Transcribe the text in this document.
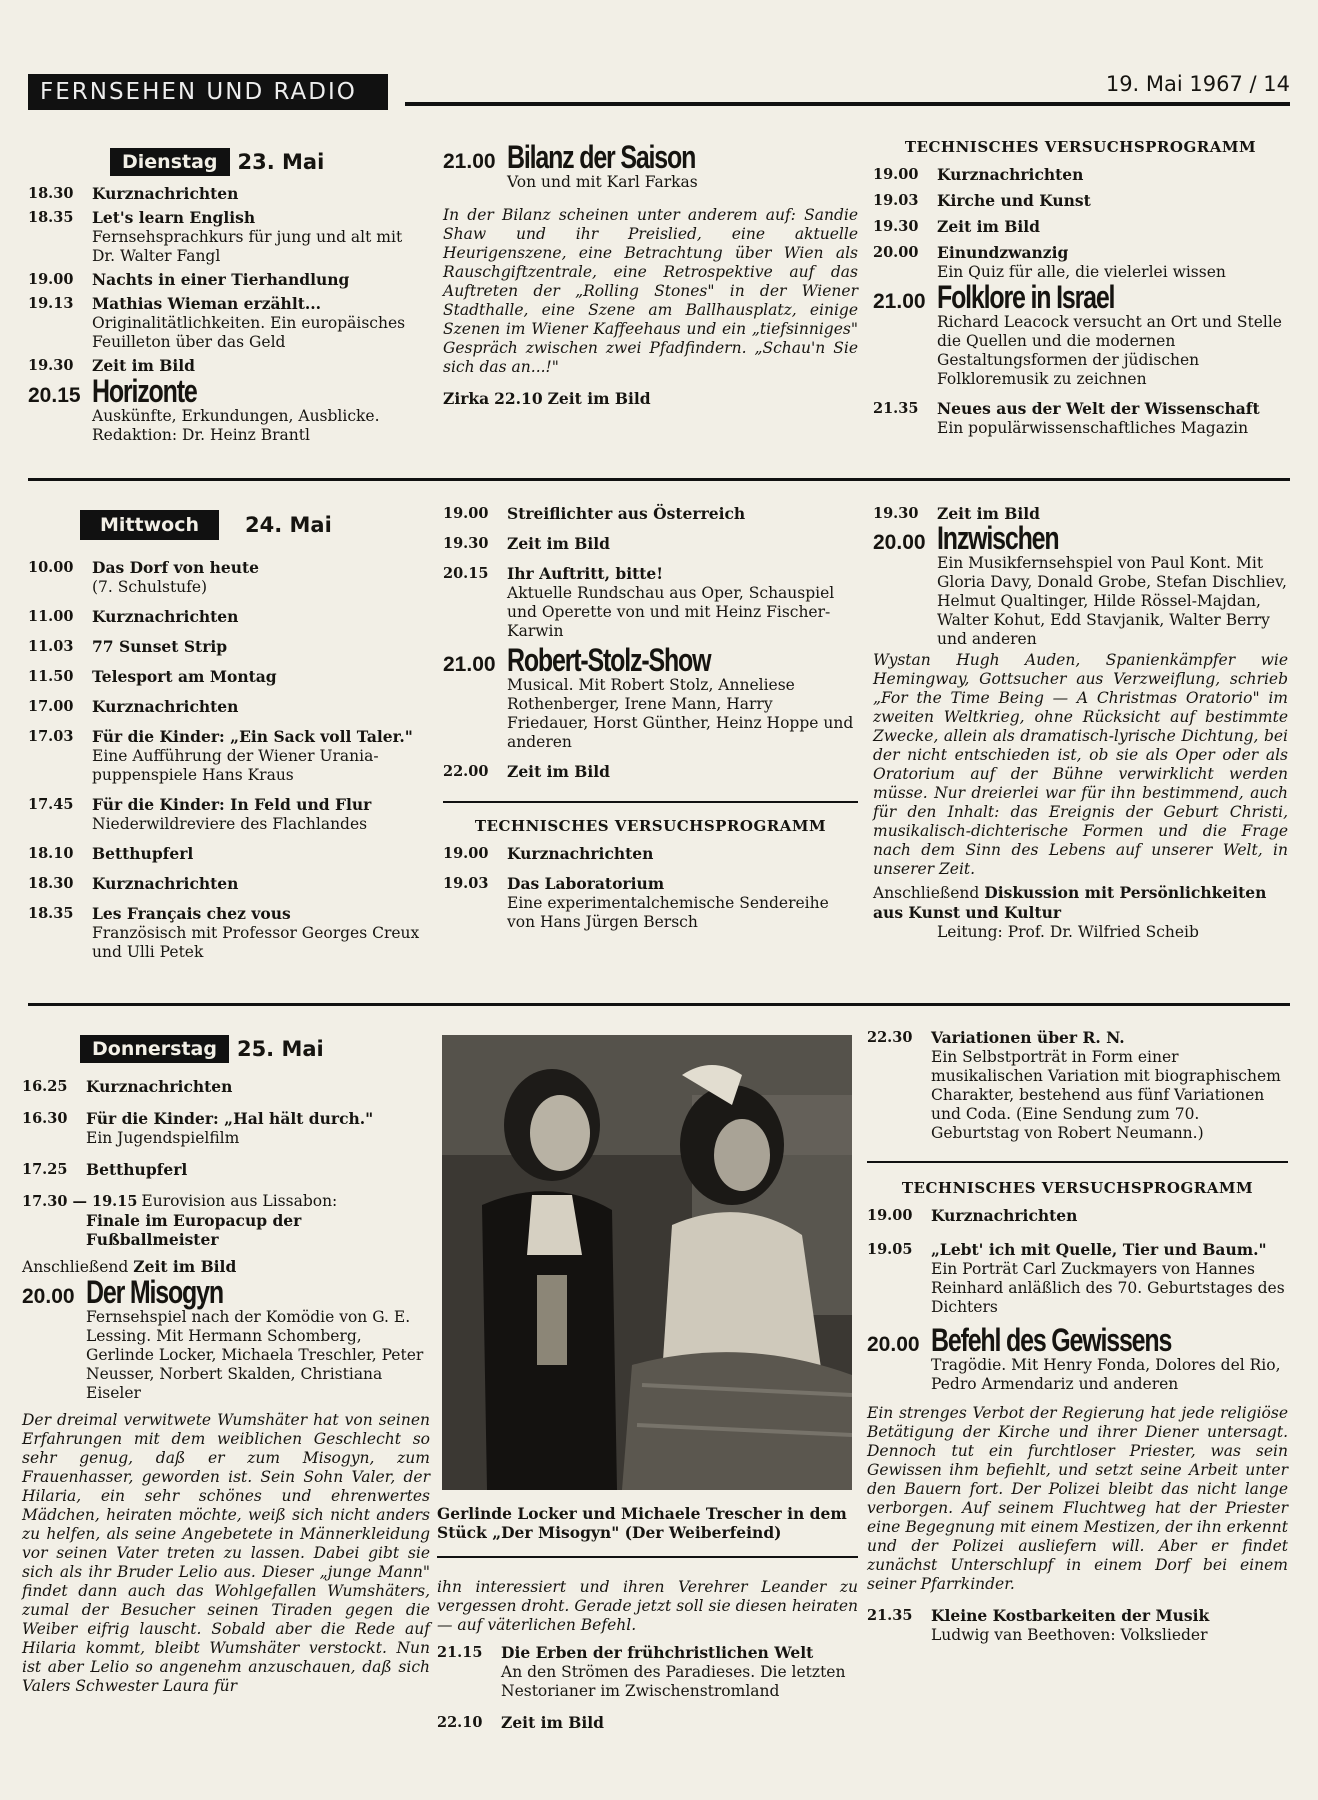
FERNSEHEN UND RADIO	19. Mai 1967 / 14
Dienstag 23. Mai
18.30	Kurznachrichten
18.35	Let's learn English
Fernsehsprachkurs für jung und alt mit Dr. Walter Fangl
19.00	Nachts in einer Tierhandlung
19.13	Mathias Wieman erzählt...
Originalitätlichkeiten. Ein europäisches Feuilleton über das Geld
19.30	Zeit im Bild
20.15 Horizonte
Auskünfte, Erkundungen, Ausblicke. Redaktion: Dr. Heinz Brantl
21.00 Bilanz der Saison
Von und mit Karl Farkas
In der Bilanz scheinen unter anderem auf: Sandie Shaw und ihr Preislied, eine aktuelle Heurigenszene, eine Betrachtung über Wien als Rauschgiftzentrale, eine Retrospektive auf das Auftreten der „Rolling Stones" in der Wiener Stadthalle, eine Szene am Ballhausplatz, einige Szenen im Wiener Kaffeehaus und ein „tiefsinniges" Gespräch zwischen zwei Pfadfindern. „Schau'n Sie sich das an...!"
Zirka 22.10 Zeit im Bild
TECHNISCHES VERSUCHSPROGRAMM
19.00	Kurznachrichten
19.03	Kirche und Kunst
19.30	Zeit im Bild
20.00	Einundzwanzig
Ein Quiz für alle, die vielerlei wissen
21.00 Folklore in Israel
Richard Leacock versucht an Ort und Stelle die Quellen und die modernen Gestaltungsformen der jüdischen Folkloremusik zu zeichnen
21.35	Neues aus der Welt der Wissenschaft
Ein populärwissenschaftliches Magazin
Mittwoch	24. Mai
10.00	Das Dorf von heute
(7. Schulstufe)
11.00	Kurznachrichten
11.03	77 Sunset Strip
11.50	Telesport am Montag
17.00	Kurznachrichten
17.03	Für die Kinder: „Ein Sack voll Taler."
Eine Aufführung der Wiener Urania-puppenspiele Hans Kraus
17.45	Für die Kinder: In Feld und Flur
Niederwildreviere des Flachlandes
18.10	Betthupferl
18.30	Kurznachrichten
18.35	Les Français chez vous
Französisch mit Professor Georges Creux und Ulli Petek
19.00	Streiflichter aus Österreich
19.30	Zeit im Bild
20.15	Ihr Auftritt, bitte!
Aktuelle Rundschau aus Oper, Schauspiel und Operette von und mit Heinz Fischer-Karwin
21.00 Robert-Stolz-Show
Musical. Mit Robert Stolz, Anneliese Rothenberger, Irene Mann, Harry Friedauer, Horst Günther, Heinz Hoppe und anderen
22.00	Zeit im Bild
TECHNISCHES VERSUCHSPROGRAMM
19.00	Kurznachrichten
19.03	Das Laboratorium
Eine experimentalchemische Sendereihe von Hans Jürgen Bersch
19.30	Zeit im Bild
20.00 Inzwischen
Ein Musikfernsehspiel von Paul Kont. Mit Gloria Davy, Donald Grobe, Stefan Dischliev, Helmut Qualtinger, Hilde Rössel-Majdan, Walter Kohut, Edd Stavjanik, Walter Berry und anderen
Wystan Hugh Auden, Spanienkämpfer wie Hemingway, Gottsucher aus Verzweiflung, schrieb „For the Time Being — A Christmas Oratorio" im zweiten Weltkrieg, ohne Rücksicht auf bestimmte Zwecke, allein als dramatisch-lyrische Dichtung, bei der nicht entschieden ist, ob sie als Oper oder als Oratorium auf der Bühne verwirklicht werden müsse. Nur dreierlei war für ihn bestimmend, auch für den Inhalt: das Ereignis der Geburt Christi, musikalisch-dichterische Formen und die Frage nach dem Sinn des Lebens auf unserer Welt, in unserer Zeit.
Anschließend Diskussion mit Persönlichkeiten aus Kunst und Kultur
Leitung: Prof. Dr. Wilfried Scheib
Donnerstag 25. Mai
16.25	Kurznachrichten
16.30	Für die Kinder: „Hal hält durch."
Ein Jugendspielfilm
17.25	Betthupferl
17.30 — 19.15 Eurovision aus Lissabon:
Finale im Europacup der Fußballmeister
Anschließend Zeit im Bild
20.00 Der Misogyn
Fernsehspiel nach der Komödie von G. E. Lessing. Mit Hermann Schomberg, Gerlinde Locker, Michaela Treschler, Peter Neusser, Norbert Skalden, Christiana Eiseler
Der dreimal verwitwete Wumshäter hat von seinen Erfahrungen mit dem weiblichen Geschlecht so sehr genug, daß er zum Misogyn, zum Frauenhasser, geworden ist. Sein Sohn Valer, der Hilaria, ein sehr schönes und ehrenwertes Mädchen, heiraten möchte, weiß sich nicht anders zu helfen, als seine Angebetete in Männerkleidung vor seinen Vater treten zu lassen. Dabei gibt sie sich als ihr Bruder Lelio aus. Dieser „junge Mann" findet dann auch das Wohlgefallen Wumshäters, zumal der Besucher seinen Tiraden gegen die Weiber eifrig lauscht. Sobald aber die Rede auf Hilaria kommt, bleibt Wumshäter verstockt. Nun ist aber Lelio so angenehm anzuschauen, daß sich Valers Schwester Laura für
Gerlinde Locker und Michaele Trescher in dem Stück „Der Misogyn" (Der Weiberfeind)
ihn interessiert und ihren Verehrer Leander zu vergessen droht. Gerade jetzt soll sie diesen heiraten — auf väterlichen Befehl.
21.15	Die Erben der frühchristlichen Welt
An den Strömen des Paradieses. Die letzten Nestorianer im Zwischenstromland
22.10	Zeit im Bild
22.30	Variationen über R. N.
Ein Selbstporträt in Form einer musikalischen Variation mit biographischem Charakter, bestehend aus fünf Variationen und Coda. (Eine Sendung zum 70. Geburtstag von Robert Neumann.)
TECHNISCHES VERSUCHSPROGRAMM
19.00	Kurznachrichten
19.05	„Lebt' ich mit Quelle, Tier und Baum."
Ein Porträt Carl Zuckmayers von Hannes Reinhard anläßlich des 70. Geburtstages des Dichters
20.00 Befehl des Gewissens
Tragödie. Mit Henry Fonda, Dolores del Rio, Pedro Armendariz und anderen
Ein strenges Verbot der Regierung hat jede religiöse Betätigung der Kirche und ihrer Diener untersagt. Dennoch tut ein furchtloser Priester, was sein Gewissen ihm befiehlt, und setzt seine Arbeit unter den Bauern fort. Der Polizei bleibt das nicht lange verborgen. Auf seinem Fluchtweg hat der Priester eine Begegnung mit einem Mestizen, der ihn erkennt und der Polizei ausliefern will. Aber er findet zunächst Unterschlupf in einem Dorf bei einem seiner Pfarrkinder.
21.35	Kleine Kostbarkeiten der Musik
Ludwig van Beethoven: Volkslieder
